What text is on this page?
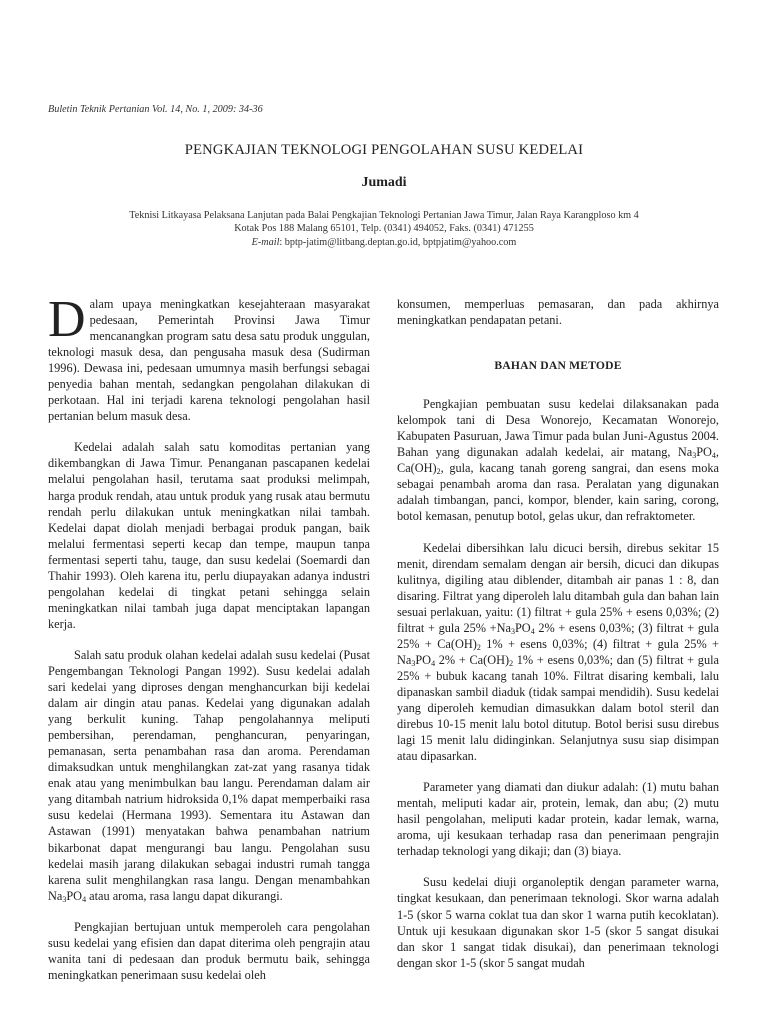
Buletin Teknik Pertanian Vol. 14, No. 1, 2009: 34-36
PENGKAJIAN TEKNOLOGI PENGOLAHAN SUSU KEDELAI
Jumadi
Teknisi Litkayasa Pelaksana Lanjutan pada Balai Pengkajian Teknologi Pertanian Jawa Timur, Jalan Raya Karangploso km 4
Kotak Pos 188 Malang 65101, Telp. (0341) 494052, Faks. (0341) 471255
E-mail: bptp-jatim@litbang.deptan.go.id, bptpjatim@yahoo.com

Dalam upaya meningkatkan kesejahteraan masyarakat pedesaan, Pemerintah Provinsi Jawa Timur mencanangkan program satu desa satu produk unggulan, teknologi masuk desa, dan pengusaha masuk desa (Sudirman 1996). Dewasa ini, pedesaan umumnya masih berfungsi sebagai penyedia bahan mentah, sedangkan pengolahan dilakukan di perkotaan. Hal ini terjadi karena teknologi pengolahan hasil pertanian belum masuk desa.

Kedelai adalah salah satu komoditas pertanian yang dikembangkan di Jawa Timur. Penanganan pascapanen kedelai melalui pengolahan hasil, terutama saat produksi melimpah, harga produk rendah, atau untuk produk yang rusak atau bermutu rendah perlu dilakukan untuk meningkatkan nilai tambah. Kedelai dapat diolah menjadi berbagai produk pangan, baik melalui fermentasi seperti kecap dan tempe, maupun tanpa fermentasi seperti tahu, tauge, dan susu kedelai (Soemardi dan Thahir 1993). Oleh karena itu, perlu diupayakan adanya industri pengolahan kedelai di tingkat petani sehingga selain meningkatkan nilai tambah juga dapat menciptakan lapangan kerja.

Salah satu produk olahan kedelai adalah susu kedelai (Pusat Pengembangan Teknologi Pangan 1992). Susu kedelai adalah sari kedelai yang diproses dengan menghancurkan biji kedelai dalam air dingin atau panas. Kedelai yang digunakan adalah yang berkulit kuning. Tahap pengolahannya meliputi pembersihan, perendaman, penghancuran, penyaringan, pemanasan, serta penambahan rasa dan aroma. Perendaman dimaksudkan untuk menghilangkan zat-zat yang rasanya tidak enak atau yang menimbulkan bau langu. Perendaman dalam air yang ditambah natrium hidroksida 0,1% dapat memperbaiki rasa susu kedelai (Hermana 1993). Sementara itu Astawan dan Astawan (1991) menyatakan bahwa penambahan natrium bikarbonat dapat mengurangi bau langu. Pengolahan susu kedelai masih jarang dilakukan sebagai industri rumah tangga karena sulit menghilangkan rasa langu. Dengan menambahkan $Na_3PO_4$ atau aroma, rasa langu dapat dikurangi.

Pengkajian bertujuan untuk memperoleh cara pengolahan susu kedelai yang efisien dan dapat diterima oleh pengrajin atau wanita tani di pedesaan dan produk bermutu baik, sehingga meningkatkan penerimaan susu kedelai oleh

konsumen, memperluas pemasaran, dan pada akhirnya meningkatkan pendapatan petani.

BAHAN DAN METODE

Pengkajian pembuatan susu kedelai dilaksanakan pada kelompok tani di Desa Wonorejo, Kecamatan Wonorejo, Kabupaten Pasuruan, Jawa Timur pada bulan Juni-Agustus 2004. Bahan yang digunakan adalah kedelai, air matang, $Na_3PO_4$, $Ca(OH)_2$, gula, kacang tanah goreng sangrai, dan esens moka sebagai penambah aroma dan rasa. Peralatan yang digunakan adalah timbangan, panci, kompor, blender, kain saring, corong, botol kemasan, penutup botol, gelas ukur, dan refraktometer.

Kedelai dibersihkan lalu dicuci bersih, direbus sekitar 15 menit, direndam semalam dengan air bersih, dicuci dan dikupas kulitnya, digiling atau diblender, ditambah air panas 1 : 8, dan disaring. Filtrat yang diperoleh lalu ditambah gula dan bahan lain sesuai perlakuan, yaitu: (1) filtrat + gula 25% + esens 0,03%; (2) filtrat + gula $25\% +Na_3PO_4$ 2% + esens 0,03%; (3) filtrat + gula $25\% + Ca(OH)_2$ 1% + esens 0,03%; (4) filtrat + gula $25\% + Na_3PO_4$ $2\% + Ca(OH)_2$ 1% + esens 0,03%; dan (5) filtrat + gula 25% + bubuk kacang tanah 10%. Filtrat disaring kembali, lalu dipanaskan sambil diaduk (tidak sampai mendidih). Susu kedelai yang diperoleh kemudian dimasukkan dalam botol steril dan direbus 10-15 menit lalu botol ditutup. Botol berisi susu direbus lagi 15 menit lalu didinginkan. Selanjutnya susu siap disimpan atau dipasarkan.

Parameter yang diamati dan diukur adalah: (1) mutu bahan mentah, meliputi kadar air, protein, lemak, dan abu; (2) mutu hasil pengolahan, meliputi kadar protein, kadar lemak, warna, aroma, uji kesukaan terhadap rasa dan penerimaan pengrajin terhadap teknologi yang dikaji; dan (3) biaya.

Susu kedelai diuji organoleptik dengan parameter warna, tingkat kesukaan, dan penerimaan teknologi. Skor warna adalah 1-5 (skor 5 warna coklat tua dan skor 1 warna putih kecoklatan). Untuk uji kesukaan digunakan skor 1-5 (skor 5 sangat disukai dan skor 1 sangat tidak disukai), dan penerimaan teknologi dengan skor 1-5 (skor 5 sangat mudah
